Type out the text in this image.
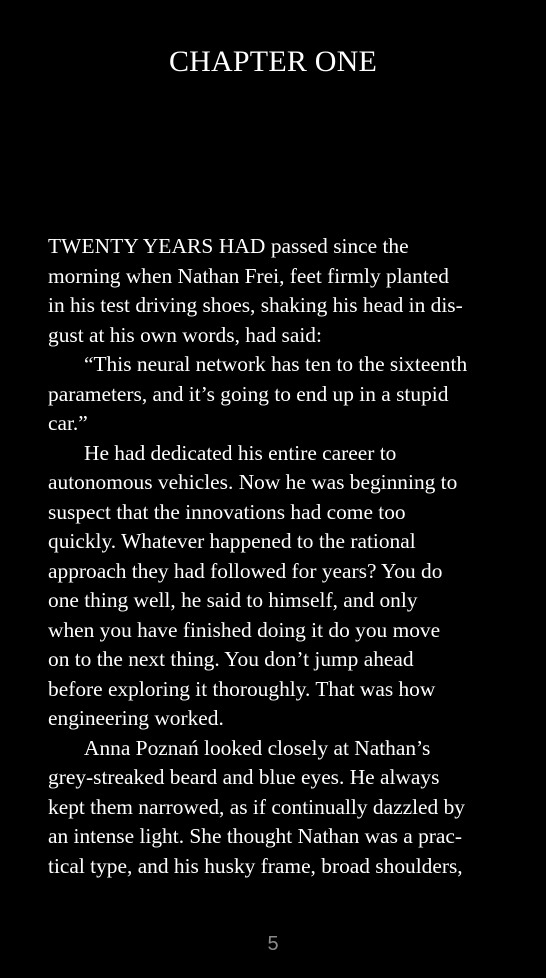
CHAPTER ONE
TWENTY YEARS HAD passed since the
morning when Nathan Frei, feet firmly planted
in his test driving shoes, shaking his head in dis-
gust at his own words, had said:
“This neural network has ten to the sixteenth
parameters, and it’s going to end up in a stupid
car.”
He had dedicated his entire career to
autonomous vehicles. Now he was beginning to
suspect that the innovations had come too
quickly. Whatever happened to the rational
approach they had followed for years? You do
one thing well, he said to himself, and only
when you have finished doing it do you move
on to the next thing. You don’t jump ahead
before exploring it thoroughly. That was how
engineering worked.
Anna Poznań looked closely at Nathan’s
grey-streaked beard and blue eyes. He always
kept them narrowed, as if continually dazzled by
an intense light. She thought Nathan was a prac-
tical type, and his husky frame, broad shoulders,
5
